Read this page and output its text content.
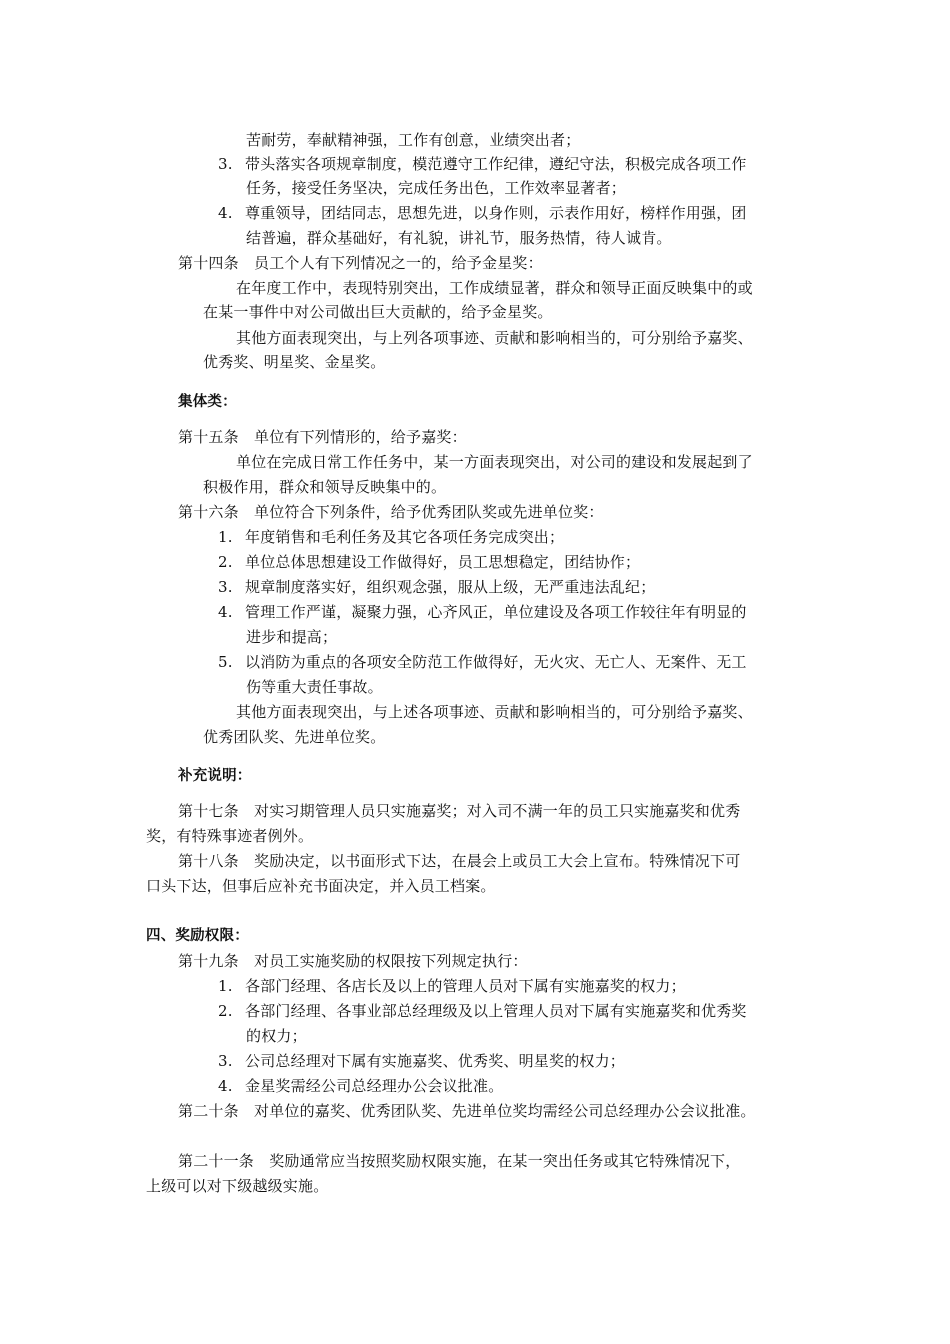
苦耐劳，奉献精神强，工作有创意，业绩突出者；
3. 带头落实各项规章制度，模范遵守工作纪律，遵纪守法，积极完成各项工作
任务，接受任务坚决，完成任务出色，工作效率显著者；
4. 尊重领导，团结同志，思想先进，以身作则，示表作用好，榜样作用强，团
结普遍，群众基础好，有礼貌，讲礼节，服务热情，待人诚肯。
第十四条　员工个人有下列情况之一的，给予金星奖：
在年度工作中，表现特别突出，工作成绩显著，群众和领导正面反映集中的或
在某一事件中对公司做出巨大贡献的，给予金星奖。
其他方面表现突出，与上列各项事迹、贡献和影响相当的，可分别给予嘉奖、
优秀奖、明星奖、金星奖。
集体类：
第十五条　单位有下列情形的，给予嘉奖：
单位在完成日常工作任务中，某一方面表现突出，对公司的建设和发展起到了
积极作用，群众和领导反映集中的。
第十六条　单位符合下列条件，给予优秀团队奖或先进单位奖：
1. 年度销售和毛利任务及其它各项任务完成突出；
2. 单位总体思想建设工作做得好，员工思想稳定，团结协作；
3. 规章制度落实好，组织观念强，服从上级，无严重违法乱纪；
4. 管理工作严谨，凝聚力强，心齐风正，单位建设及各项工作较往年有明显的
进步和提高；
5. 以消防为重点的各项安全防范工作做得好，无火灾、无亡人、无案件、无工
伤等重大责任事故。
其他方面表现突出，与上述各项事迹、贡献和影响相当的，可分别给予嘉奖、
优秀团队奖、先进单位奖。
补充说明：
第十七条　对实习期管理人员只实施嘉奖；对入司不满一年的员工只实施嘉奖和优秀
奖，有特殊事迹者例外。
第十八条　奖励决定，以书面形式下达，在晨会上或员工大会上宣布。特殊情况下可
口头下达，但事后应补充书面决定，并入员工档案。
四、奖励权限：
第十九条　对员工实施奖励的权限按下列规定执行：
1. 各部门经理、各店长及以上的管理人员对下属有实施嘉奖的权力；
2. 各部门经理、各事业部总经理级及以上管理人员对下属有实施嘉奖和优秀奖
的权力；
3. 公司总经理对下属有实施嘉奖、优秀奖、明星奖的权力；
4. 金星奖需经公司总经理办公会议批准。
第二十条　对单位的嘉奖、优秀团队奖、先进单位奖均需经公司总经理办公会议批准。
第二十一条　奖励通常应当按照奖励权限实施，在某一突出任务或其它特殊情况下，
上级可以对下级越级实施。
